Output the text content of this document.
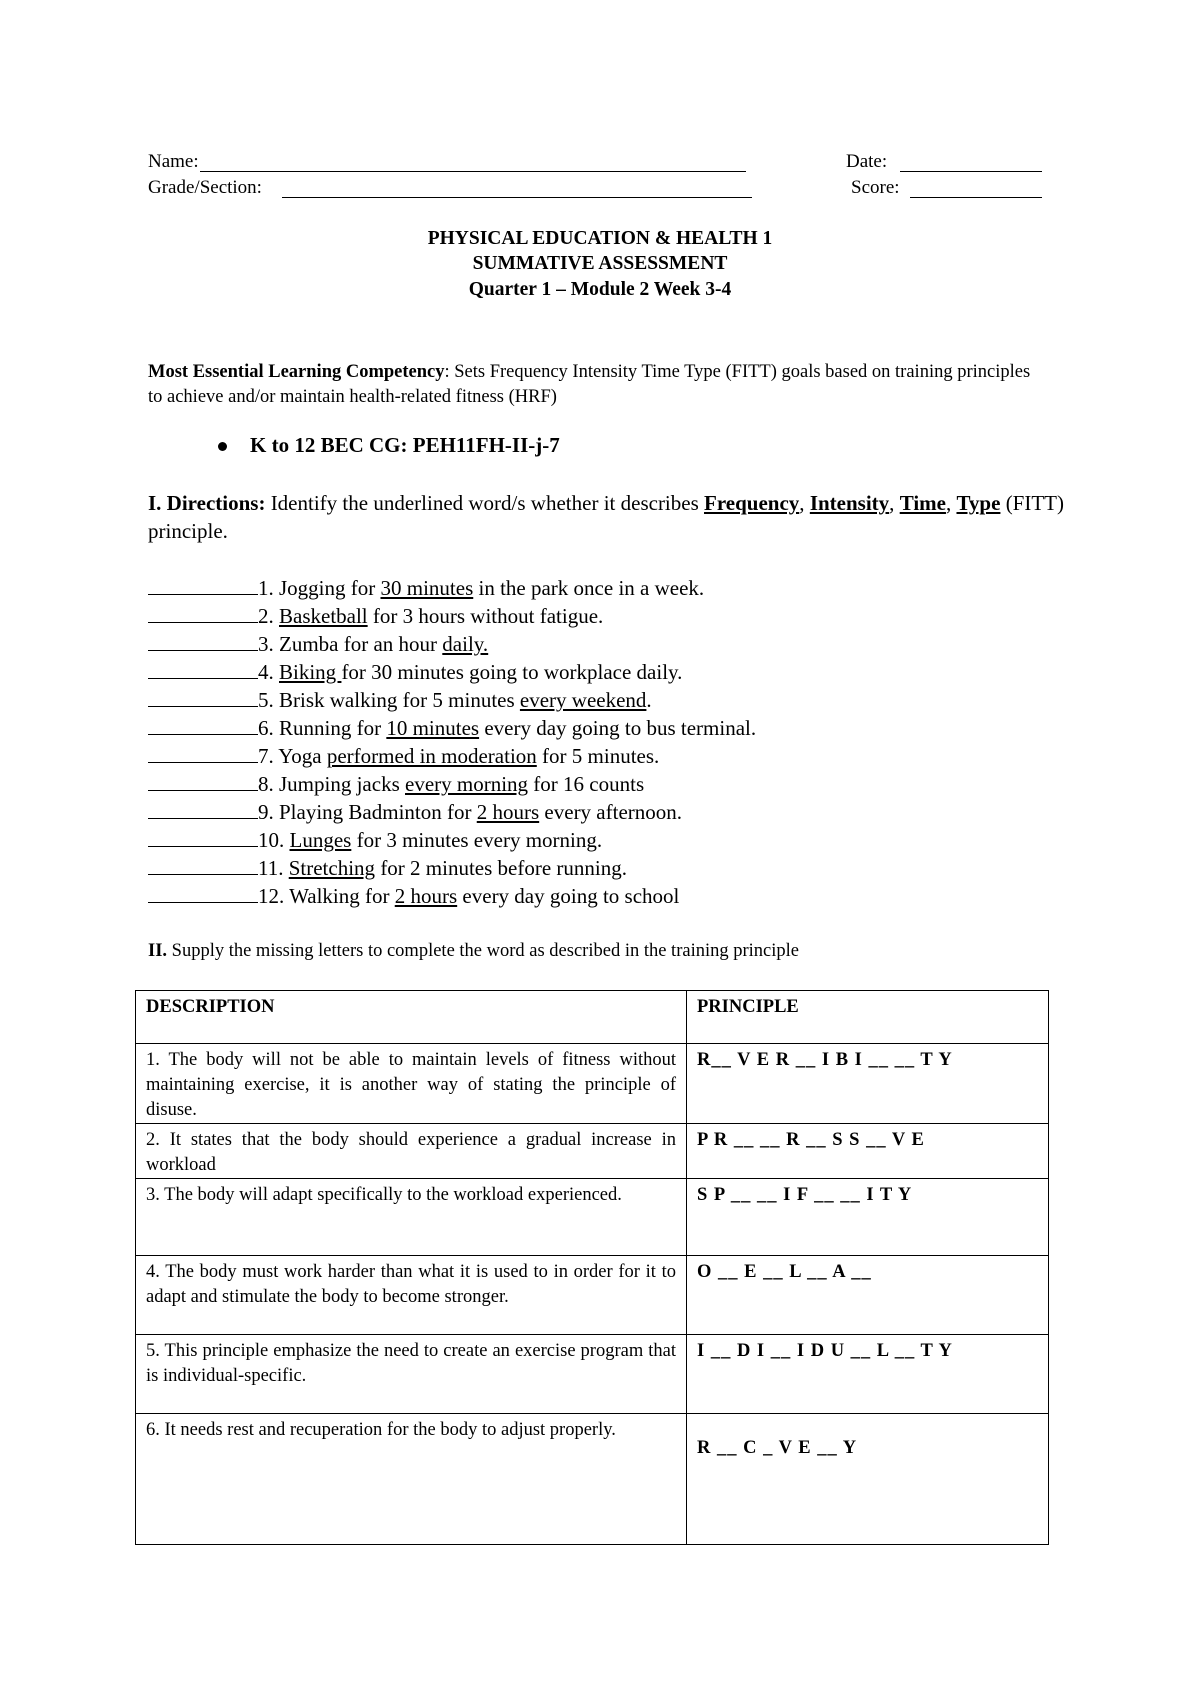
Name:	Date:
Grade/Section:	Score:
PHYSICAL EDUCATION & HEALTH 1
SUMMATIVE ASSESSMENT
Quarter 1 – Module 2 Week 3-4
Most Essential Learning Competency: Sets Frequency Intensity Time Type (FITT) goals based on training principles to achieve and/or maintain health-related fitness (HRF)
K to 12 BEC CG: PEH11FH-II-j-7
I. Directions: Identify the underlined word/s whether it describes Frequency, Intensity, Time, Type (FITT) principle.
1. Jogging for 30 minutes in the park once in a week.
2. Basketball for 3 hours without fatigue.
3. Zumba for an hour daily.
4. Biking for 30 minutes going to workplace daily.
5. Brisk walking for 5 minutes every weekend.
6. Running for 10 minutes every day going to bus terminal.
7. Yoga performed in moderation for 5 minutes.
8. Jumping jacks every morning for 16 counts
9. Playing Badminton for 2 hours every afternoon.
10. Lunges for 3 minutes every morning.
11. Stretching for 2 minutes before running.
12. Walking for 2 hours every day going to school
II. Supply the missing letters to complete the word as described in the training principle
DESCRIPTION	PRINCIPLE
1. The body will not be able to maintain levels of fitness without maintaining exercise, it is another way of stating the principle of disuse.	R__ V E R __ I B I __ __ T Y
2. It states that the body should experience a gradual increase in workload	P R __ __ R __ S S __ V E
3. The body will adapt specifically to the workload experienced.	S P __ __ I F __ __ I T Y
4. The body must work harder than what it is used to in order for it to adapt and stimulate the body to become stronger.	O __ E __ L __ A __
5. This principle emphasize the need to create an exercise program that is individual-specific.	I __ D I __ I D U __ L __ T Y
6. It needs rest and recuperation for the body to adjust properly.	R __ C _ V E __ Y
